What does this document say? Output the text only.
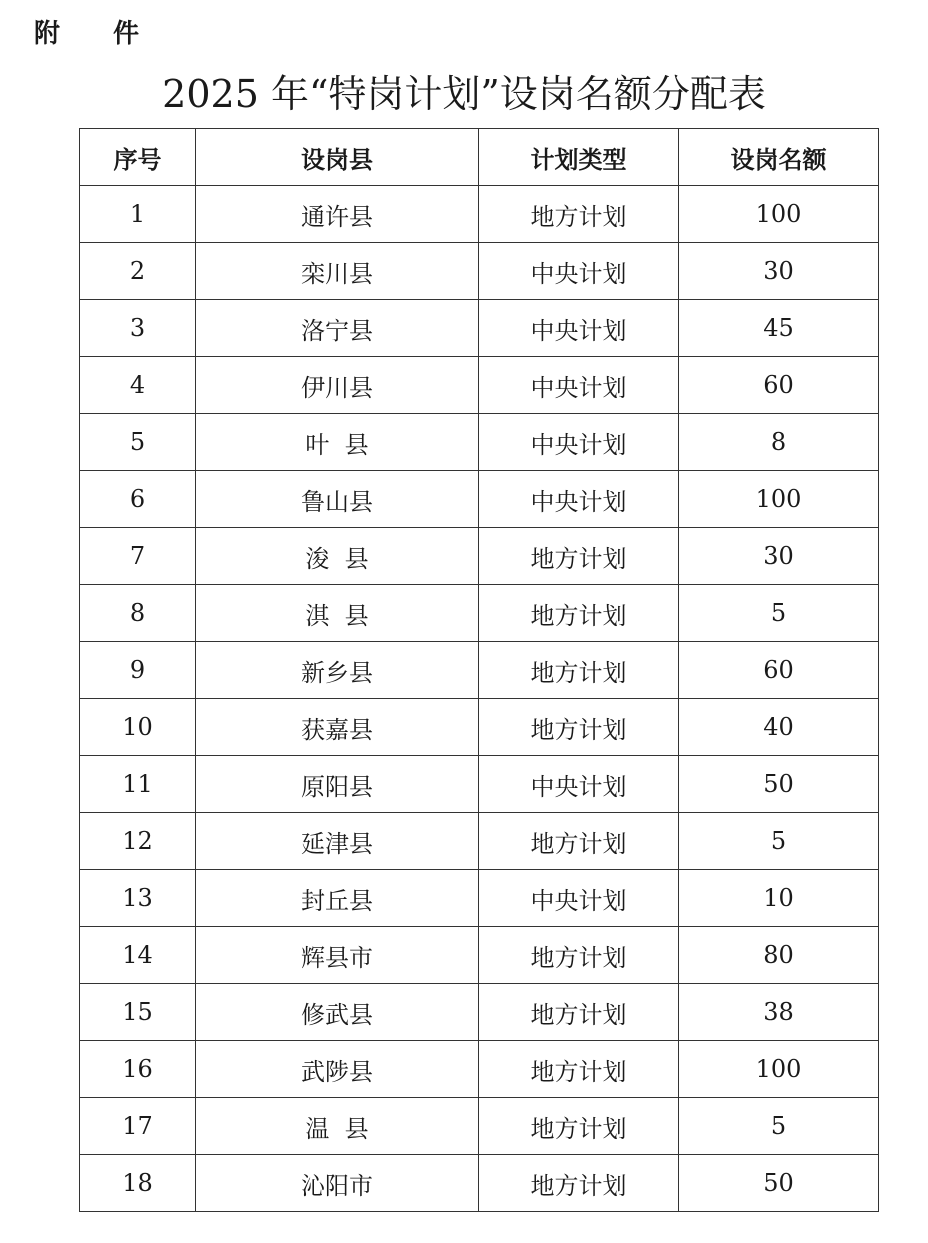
附 件

2025 年“特岗计划”设岗名额分配表
序号	设岗县	计划类型	设岗名额
1	通许县	地方计划	100
2	栾川县	中央计划	30
3	洛宁县	中央计划	45
4	伊川县	中央计划	60
5	叶  县	中央计划	8
6	鲁山县	中央计划	100
7	浚  县	地方计划	30
8	淇  县	地方计划	5
9	新乡县	地方计划	60
10	获嘉县	地方计划	40
11	原阳县	中央计划	50
12	延津县	地方计划	5
13	封丘县	中央计划	10
14	辉县市	地方计划	80
15	修武县	地方计划	38
16	武陟县	地方计划	100
17	温  县	地方计划	5
18	沁阳市	地方计划	50
